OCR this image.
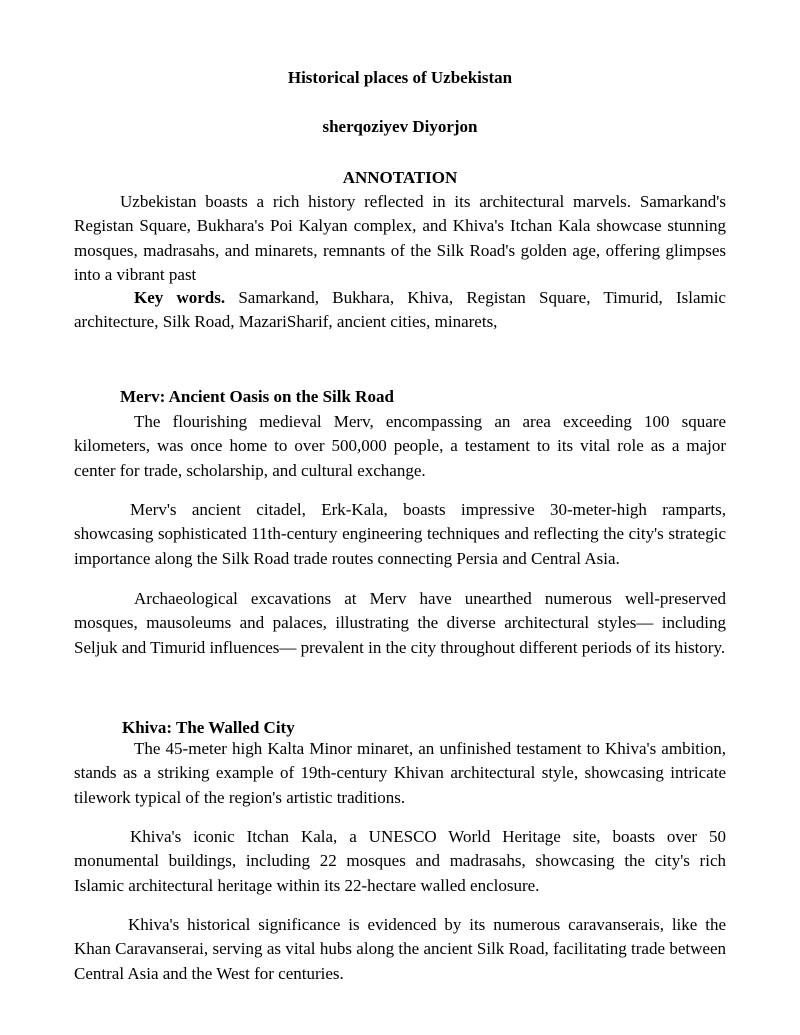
Historical places of Uzbekistan
sherqoziyev Diyorjon
ANNOTATION
Uzbekistan boasts a rich history reflected in its architectural marvels. Samarkand's Registan Square, Bukhara's Poi Kalyan complex, and Khiva's Itchan Kala showcase stunning mosques, madrasahs, and minarets, remnants of the Silk Road's golden age, offering glimpses into a vibrant past
Key words. Samarkand, Bukhara, Khiva, Registan Square, Timurid, Islamic architecture, Silk Road, MazariSharif, ancient cities, minarets,
Merv: Ancient Oasis on the Silk Road
The flourishing medieval Merv, encompassing an area exceeding 100 square kilometers, was once home to over 500,000 people, a testament to its vital role as a major center for trade, scholarship, and cultural exchange.
Merv's ancient citadel, Erk-Kala, boasts impressive 30-meter-high ramparts, showcasing sophisticated 11th-century engineering techniques and reflecting the city's strategic importance along the Silk Road trade routes connecting Persia and Central Asia.
Archaeological excavations at Merv have unearthed numerous well-preserved mosques, mausoleums and palaces, illustrating the diverse architectural styles— including Seljuk and Timurid influences— prevalent in the city throughout different periods of its history.
Khiva: The Walled City
The 45-meter high Kalta Minor minaret, an unfinished testament to Khiva's ambition, stands as a striking example of 19th-century Khivan architectural style, showcasing intricate tilework typical of the region's artistic traditions.
Khiva's iconic Itchan Kala, a UNESCO World Heritage site, boasts over 50 monumental buildings, including 22 mosques and madrasahs, showcasing the city's rich Islamic architectural heritage within its 22-hectare walled enclosure.
Khiva's historical significance is evidenced by its numerous caravanserais, like the Khan Caravanserai, serving as vital hubs along the ancient Silk Road, facilitating trade between Central Asia and the West for centuries.
